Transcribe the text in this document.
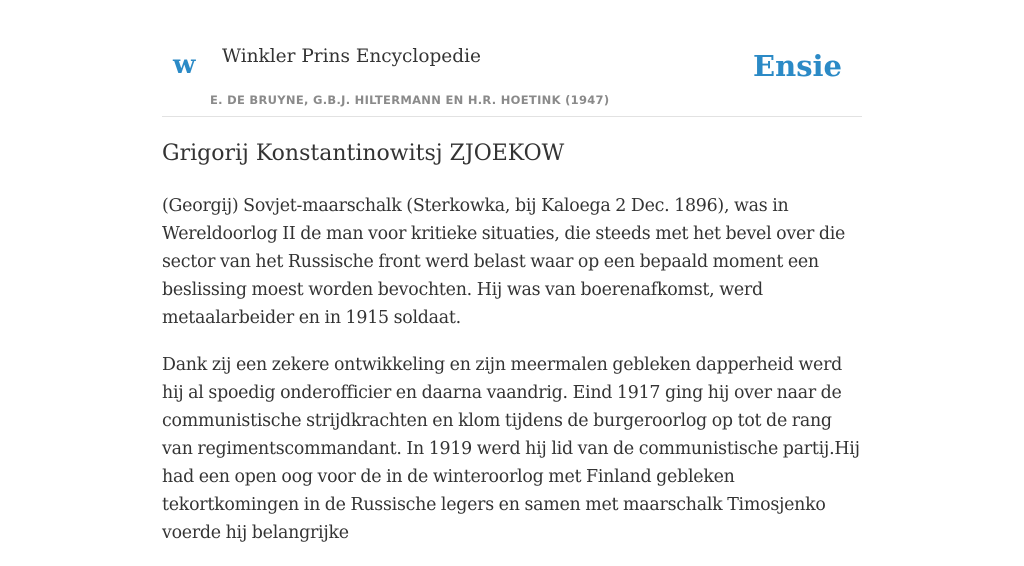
w Winkler Prins Encyclopedie
E. DE BRUYNE, G.B.J. HILTERMANN EN H.R. HOETINK (1947)
Ensie
Grigorij Konstantinowitsj ZJOEKOW

(Georgij) Sovjet-maarschalk (Sterkowka, bij Kaloega 2 Dec. 1896), was in Wereldoorlog II de man voor kritieke situaties, die steeds met het bevel over die sector van het Russische front werd belast waar op een bepaald moment een beslissing moest worden bevochten. Hij was van boerenafkomst, werd metaalarbeider en in 1915 soldaat.

Dank zij een zekere ontwikkeling en zijn meermalen gebleken dapperheid werd hij al spoedig onderofficier en daarna vaandrig. Eind 1917 ging hij over naar de communistische strijdkrachten en klom tijdens de burgeroorlog op tot de rang van regimentscommandant. In 1919 werd hij lid van de communistische partij.Hij had een open oog voor de in de winteroorlog met Finland gebleken tekortkomingen in de Russische legers en samen met maarschalk Timosjenko voerde hij belangrijke
